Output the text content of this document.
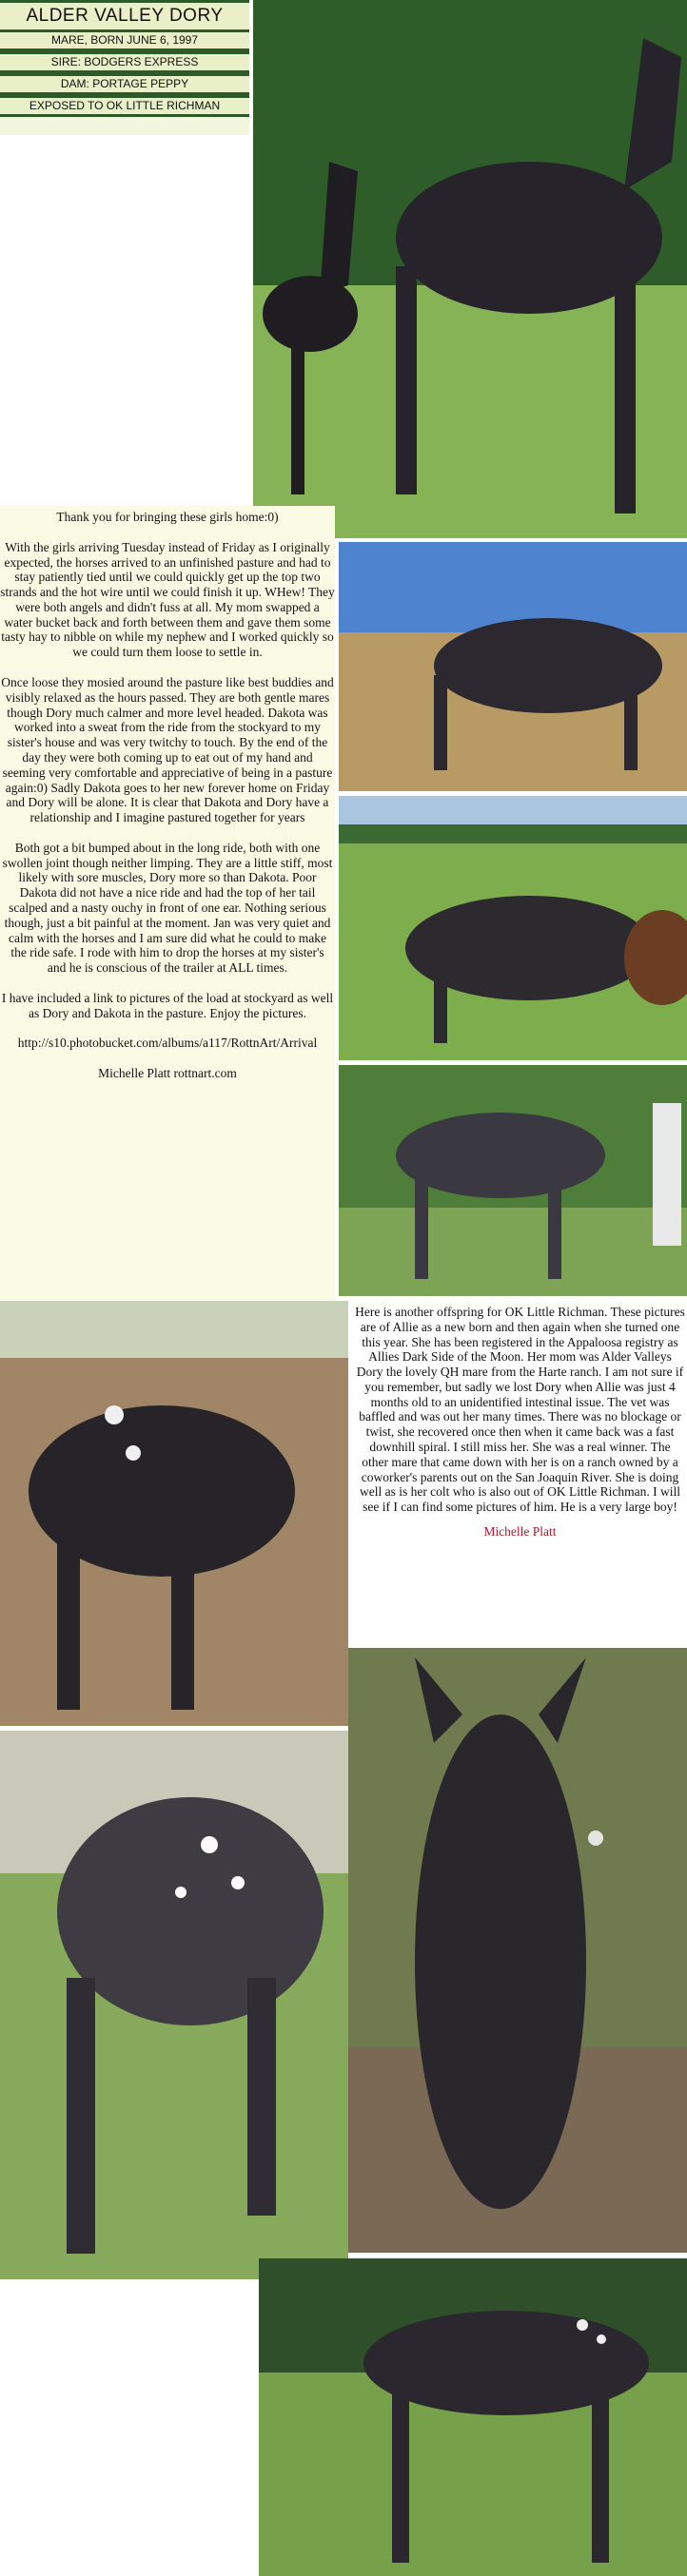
ALDER VALLEY DORY
MARE, BORN JUNE 6, 1997
SIRE: BODGERS EXPRESS
DAM: PORTAGE PEPPY
EXPOSED TO OK LITTLE RICHMAN

Thank you for bringing these girls home:0)

With the girls arriving Tuesday instead of Friday as I originally expected, the horses arrived to an unfinished pasture and had to stay patiently tied until we could quickly get up the top two strands and the hot wire until we could finish it up. WHew! They were both angels and didn't fuss at all. My mom swapped a water bucket back and forth between them and gave them some tasty hay to nibble on while my nephew and I worked quickly so we could turn them loose to settle in.

Once loose they mosied around the pasture like best buddies and visibly relaxed as the hours passed. They are both gentle mares though Dory much calmer and more level headed. Dakota was worked into a sweat from the ride from the stockyard to my sister's house and was very twitchy to touch. By the end of the day they were both coming up to eat out of my hand and seeming very comfortable and appreciative of being in a pasture again:0) Sadly Dakota goes to her new forever home on Friday and Dory will be alone. It is clear that Dakota and Dory have a relationship and I imagine pastured together for years

Both got a bit bumped about in the long ride, both with one swollen joint though neither limping. They are a little stiff, most likely with sore muscles, Dory more so than Dakota. Poor Dakota did not have a nice ride and had the top of her tail scalped and a nasty ouchy in front of one ear. Nothing serious though, just a bit painful at the moment. Jan was very quiet and calm with the horses and I am sure did what he could to make the ride safe. I rode with him to drop the horses at my sister's and he is conscious of the trailer at ALL times.

I have included a link to pictures of the load at stockyard as well as Dory and Dakota in the pasture. Enjoy the pictures.

http://s10.photobucket.com/albums/a117/RottnArt/Arrival

Michelle Platt rottnart.com

Here is another offspring for OK Little Richman. These pictures are of Allie as a new born and then again when she turned one this year. She has been registered in the Appaloosa registry as Allies Dark Side of the Moon. Her mom was Alder Valleys Dory the lovely QH mare from the Harte ranch. I am not sure if you remember, but sadly we lost Dory when Allie was just 4 months old to an unidentified intestinal issue. The vet was baffled and was out her many times. There was no blockage or twist, she recovered once then when it came back was a fast downhill spiral. I still miss her. She was a real winner. The other mare that came down with her is on a ranch owned by a coworker's parents out on the San Joaquin River. She is doing well as is her colt who is also out of OK Little Richman. I will see if I can find some pictures of him. He is a very large boy!

Michelle Platt
